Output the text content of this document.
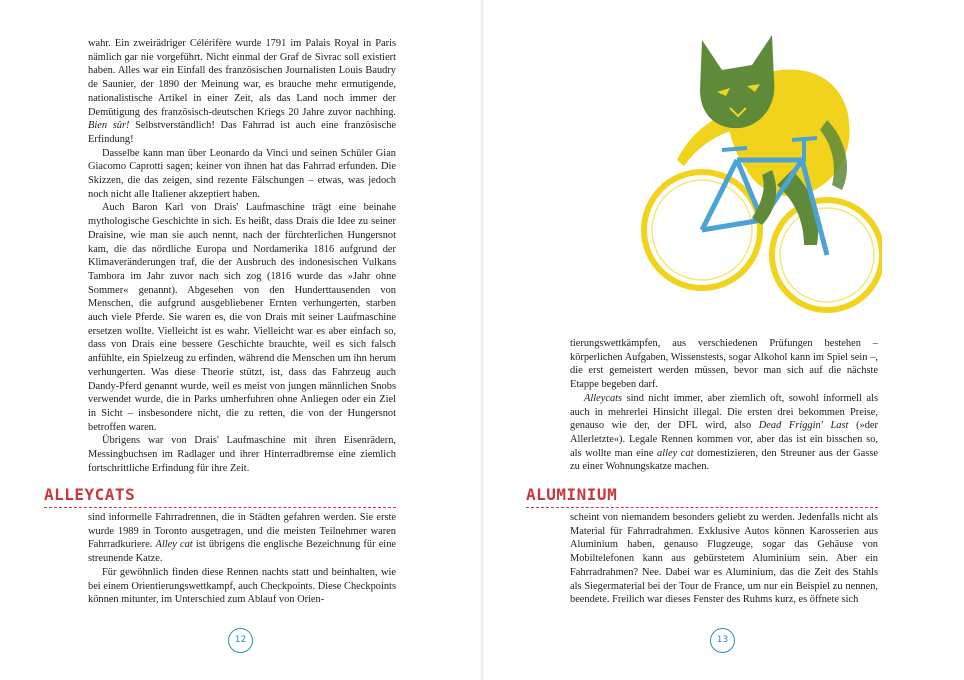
wahr. Ein zweirädriger Célérifère wurde 1791 im Palais Royal in Paris nämlich gar nie vorgeführt. Nicht einmal der Graf de Sivrac soll existiert haben. Alles war ein Einfall des französischen Journalisten Louis Baudry de Saunier, der 1890 der Meinung war, es brauche mehr ermutigende, nationalistische Artikel in einer Zeit, als das Land noch immer der Demütigung des französisch-deutschen Kriegs 20 Jahre zuvor nachhing. Bien sûr! Selbstverständlich! Das Fahrrad ist auch eine französische Erfindung!

Dasselbe kann man über Leonardo da Vinci und seinen Schüler Gian Giacomo Caprotti sagen; keiner von ihnen hat das Fahrrad erfunden. Die Skizzen, die das zeigen, sind rezente Fälschungen – etwas, was jedoch noch nicht alle Italiener akzeptiert haben.

Auch Baron Karl von Drais' Laufmaschine trägt eine beinahe mythologische Geschichte in sich. Es heißt, dass Drais die Idee zu seiner Draisine, wie man sie auch nennt, nach der fürchterlichen Hungersnot kam, die das nördliche Europa und Nordamerika 1816 aufgrund der Klimaveränderungen traf, die der Ausbruch des indonesischen Vulkans Tambora im Jahr zuvor nach sich zog (1816 wurde das »Jahr ohne Sommer« genannt). Abgesehen von den Hunderttausenden von Menschen, die aufgrund ausgebliebener Ernten verhungerten, starben auch viele Pferde. Sie waren es, die von Drais mit seiner Laufmaschine ersetzen wollte. Vielleicht ist es wahr. Vielleicht war es aber einfach so, dass von Drais eine bessere Geschichte brauchte, weil es sich falsch anfühlte, ein Spielzeug zu erfinden, während die Menschen um ihn herum verhungerten. Was diese Theorie stützt, ist, dass das Fahrzeug auch Dandy-Pferd genannt wurde, weil es meist von jungen männlichen Snobs verwendet wurde, die in Parks umherfuhren ohne Anliegen oder ein Ziel in Sicht – insbesondere nicht, die zu retten, die von der Hungersnot betroffen waren.

Übrigens war von Drais' Laufmaschine mit ihren Eisenrädern, Messingbuchsen im Radlager und ihrer Hinterradbremse eine ziemlich fortschrittliche Erfindung für ihre Zeit.

ALLEYCATS

sind informelle Fahrradrennen, die in Städten gefahren werden. Sie erste wurde 1989 in Toronto ausgetragen, und die meisten Teilnehmer waren Fahrradkuriere. Alley cat ist übrigens die englische Bezeichnung für eine streunende Katze.

Für gewöhnlich finden diese Rennen nachts statt und beinhalten, wie bei einem Orientierungswettkampf, auch Checkpoints. Diese Checkpoints können mitunter, im Unterschied zum Ablauf von Orien-

12

tierungswettkämpfen, aus verschiedenen Prüfungen bestehen – körperlichen Aufgaben, Wissenstests, sogar Alkohol kann im Spiel sein –, die erst gemeistert werden müssen, bevor man sich auf die nächste Etappe begeben darf.

Alleycats sind nicht immer, aber ziemlich oft, sowohl informell als auch in mehrerlei Hinsicht illegal. Die ersten drei bekommen Preise, genauso wie der, der DFL wird, also Dead Friggin' Last (»der Allerletzte«). Legale Rennen kommen vor, aber das ist ein bisschen so, als wollte man eine alley cat domestizieren, den Streuner aus der Gasse zu einer Wohnungskatze machen.

ALUMINIUM

scheint von niemandem besonders geliebt zu werden. Jedenfalls nicht als Material für Fahrradrahmen. Exklusive Autos können Karosserien aus Aluminium haben, genauso Flugzeuge, sogar das Gehäuse von Mobiltelefonen kann aus gebürstetem Aluminium sein. Aber ein Fahrradrahmen? Nee. Dabei war es Aluminium, das die Zeit des Stahls als Siegermaterial bei der Tour de France, um nur ein Beispiel zu nennen, beendete. Freilich war dieses Fenster des Ruhms kurz, es öffnete sich

13
